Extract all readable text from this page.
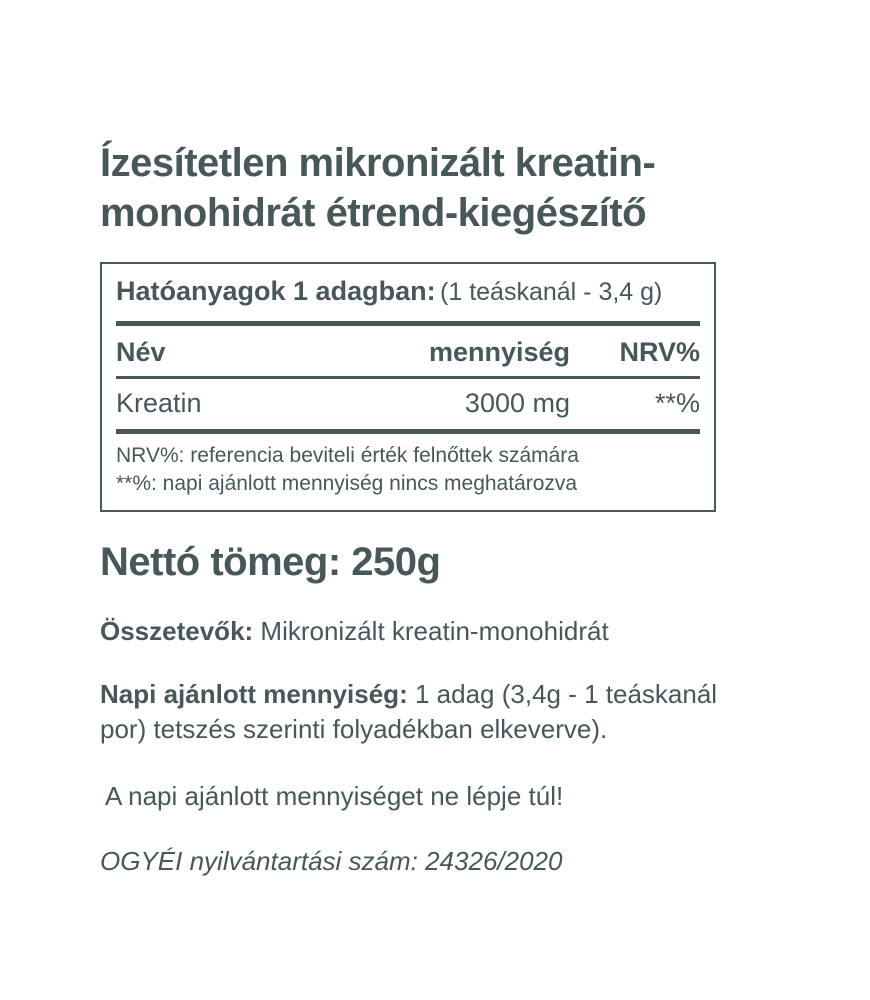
Ízesítetlen mikronizált kreatin-monohidrát étrend-kiegészítő
Hatóanyagok 1 adagban: (1 teáskanál - 3,4 g)
Név	mennyiség	NRV%
Kreatin	3000 mg	**%
NRV%: referencia beviteli érték felnőttek számára
**%: napi ajánlott mennyiség nincs meghatározva
Nettó tömeg: 250g

Összetevők: Mikronizált kreatin-monohidrát

Napi ajánlott mennyiség: 1 adag (3,4g - 1 teáskanál por) tetszés szerinti folyadékban elkeverve).

A napi ajánlott mennyiséget ne lépje túl!

OGYÉI nyilvántartási szám: 24326/2020
